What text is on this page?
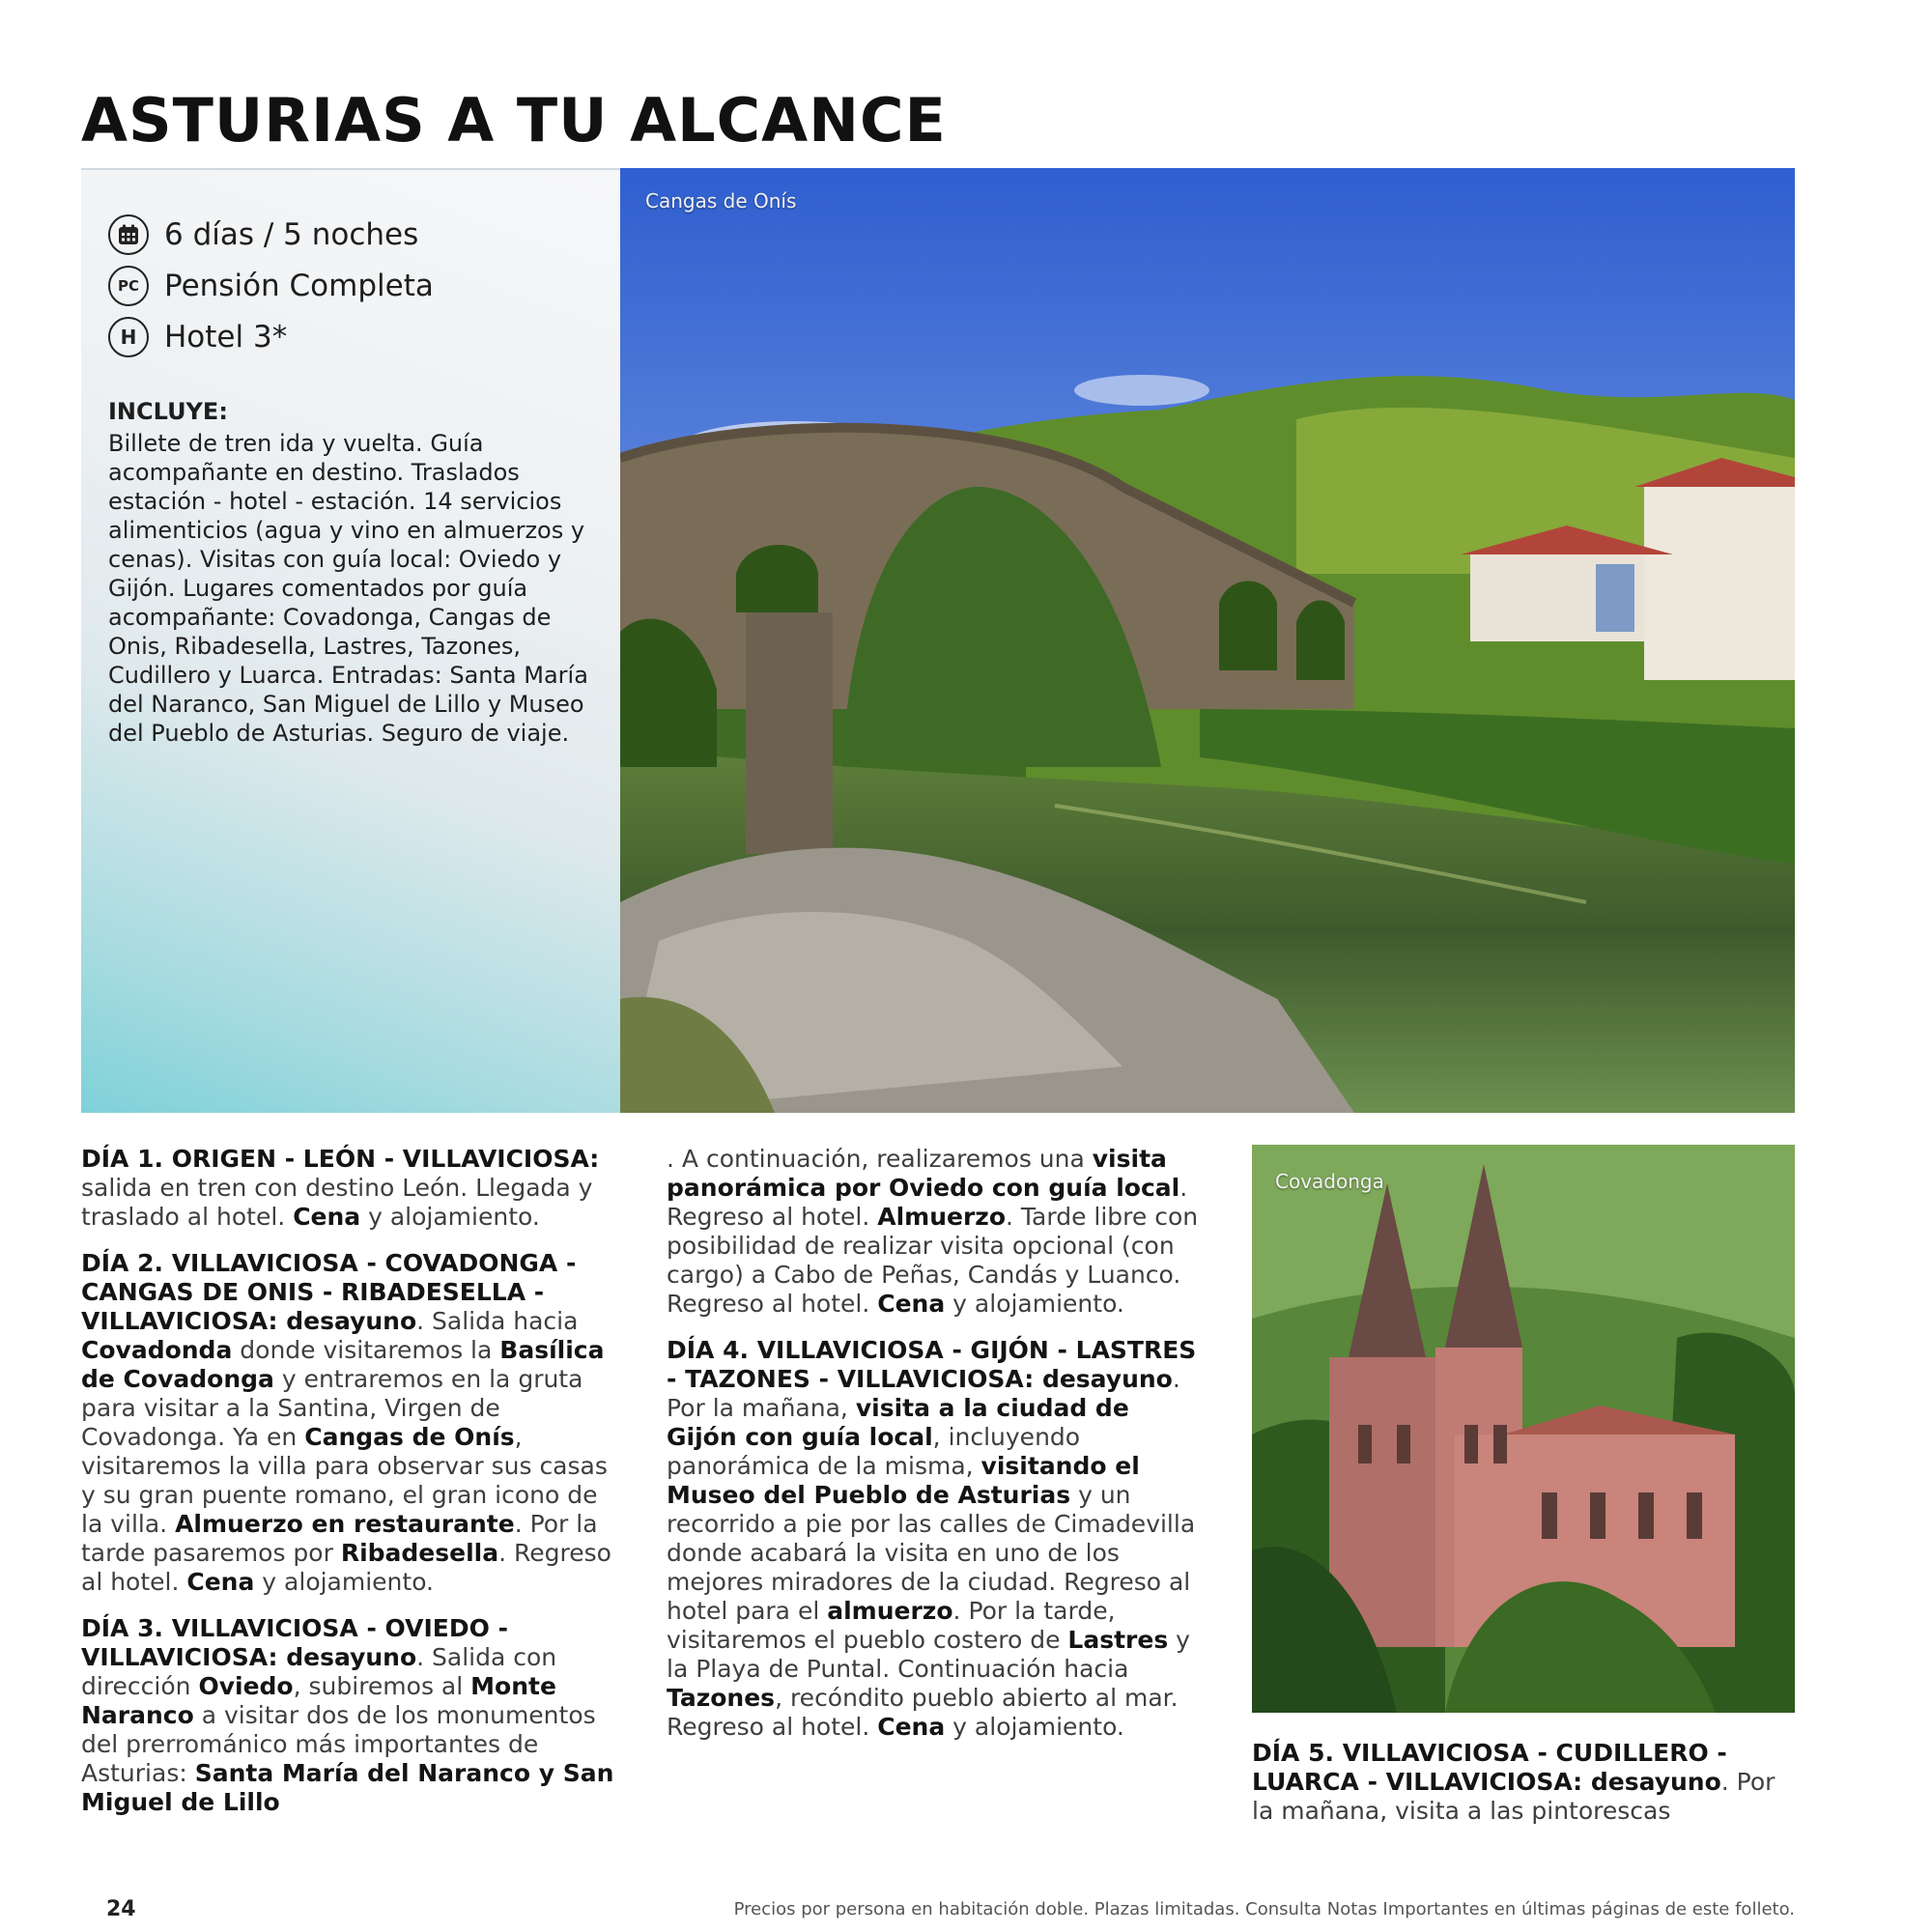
ASTURIAS A TU ALCANCE
6 días / 5 noches
PC Pensión Completa
H Hotel 3*
INCLUYE:
Billete de tren ida y vuelta. Guía acompañante en destino. Traslados estación - hotel - estación. 14 servicios alimenticios (agua y vino en almuerzos y cenas). Visitas con guía local: Oviedo y Gijón. Lugares comentados por guía acompañante: Covadonga, Cangas de Onis, Ribadesella, Lastres, Tazones, Cudillero y Luarca. Entradas: Santa María del Naranco, San Miguel de Lillo y Museo del Pueblo de Asturias. Seguro de viaje.
Cangas de Onís

DÍA 1. ORIGEN - LEÓN - VILLAVICIOSA: salida en tren con destino León. Llegada y traslado al hotel. Cena y alojamiento.

DÍA 2. VILLAVICIOSA - COVADONGA - CANGAS DE ONIS - RIBADESELLA - VILLAVICIOSA: desayuno. Salida hacia Covadonda donde visitaremos la Basílica de Covadonga y entraremos en la gruta para visitar a la Santina, Virgen de Covadonga. Ya en Cangas de Onís, visitaremos la villa para observar sus casas y su gran puente romano, el gran icono de la villa. Almuerzo en restaurante. Por la tarde pasaremos por Ribadesella. Regreso al hotel. Cena y alojamiento.

DÍA 3. VILLAVICIOSA - OVIEDO - VILLAVICIOSA: desayuno. Salida con dirección Oviedo, subiremos al Monte Naranco a visitar dos de los monumentos del prerrománico más importantes de Asturias: Santa María del Naranco y San Miguel de Lillo

. A continuación, realizaremos una visita panorámica por Oviedo con guía local. Regreso al hotel. Almuerzo. Tarde libre con posibilidad de realizar visita opcional (con cargo) a Cabo de Peñas, Candás y Luanco. Regreso al hotel. Cena y alojamiento.

DÍA 4. VILLAVICIOSA - GIJÓN - LASTRES - TAZONES - VILLAVICIOSA: desayuno. Por la mañana, visita a la ciudad de Gijón con guía local, incluyendo panorámica de la misma, visitando el Museo del Pueblo de Asturias y un recorrido a pie por las calles de Cimadevilla donde acabará la visita en uno de los mejores miradores de la ciudad. Regreso al hotel para el almuerzo. Por la tarde, visitaremos el pueblo costero de Lastres y la Playa de Puntal. Continuación hacia Tazones, recóndito pueblo abierto al mar. Regreso al hotel. Cena y alojamiento.

Covadonga

DÍA 5. VILLAVICIOSA - CUDILLERO - LUARCA - VILLAVICIOSA: desayuno. Por la mañana, visita a las pintorescas

24	Precios por persona en habitación doble. Plazas limitadas. Consulta Notas Importantes en últimas páginas de este folleto.
